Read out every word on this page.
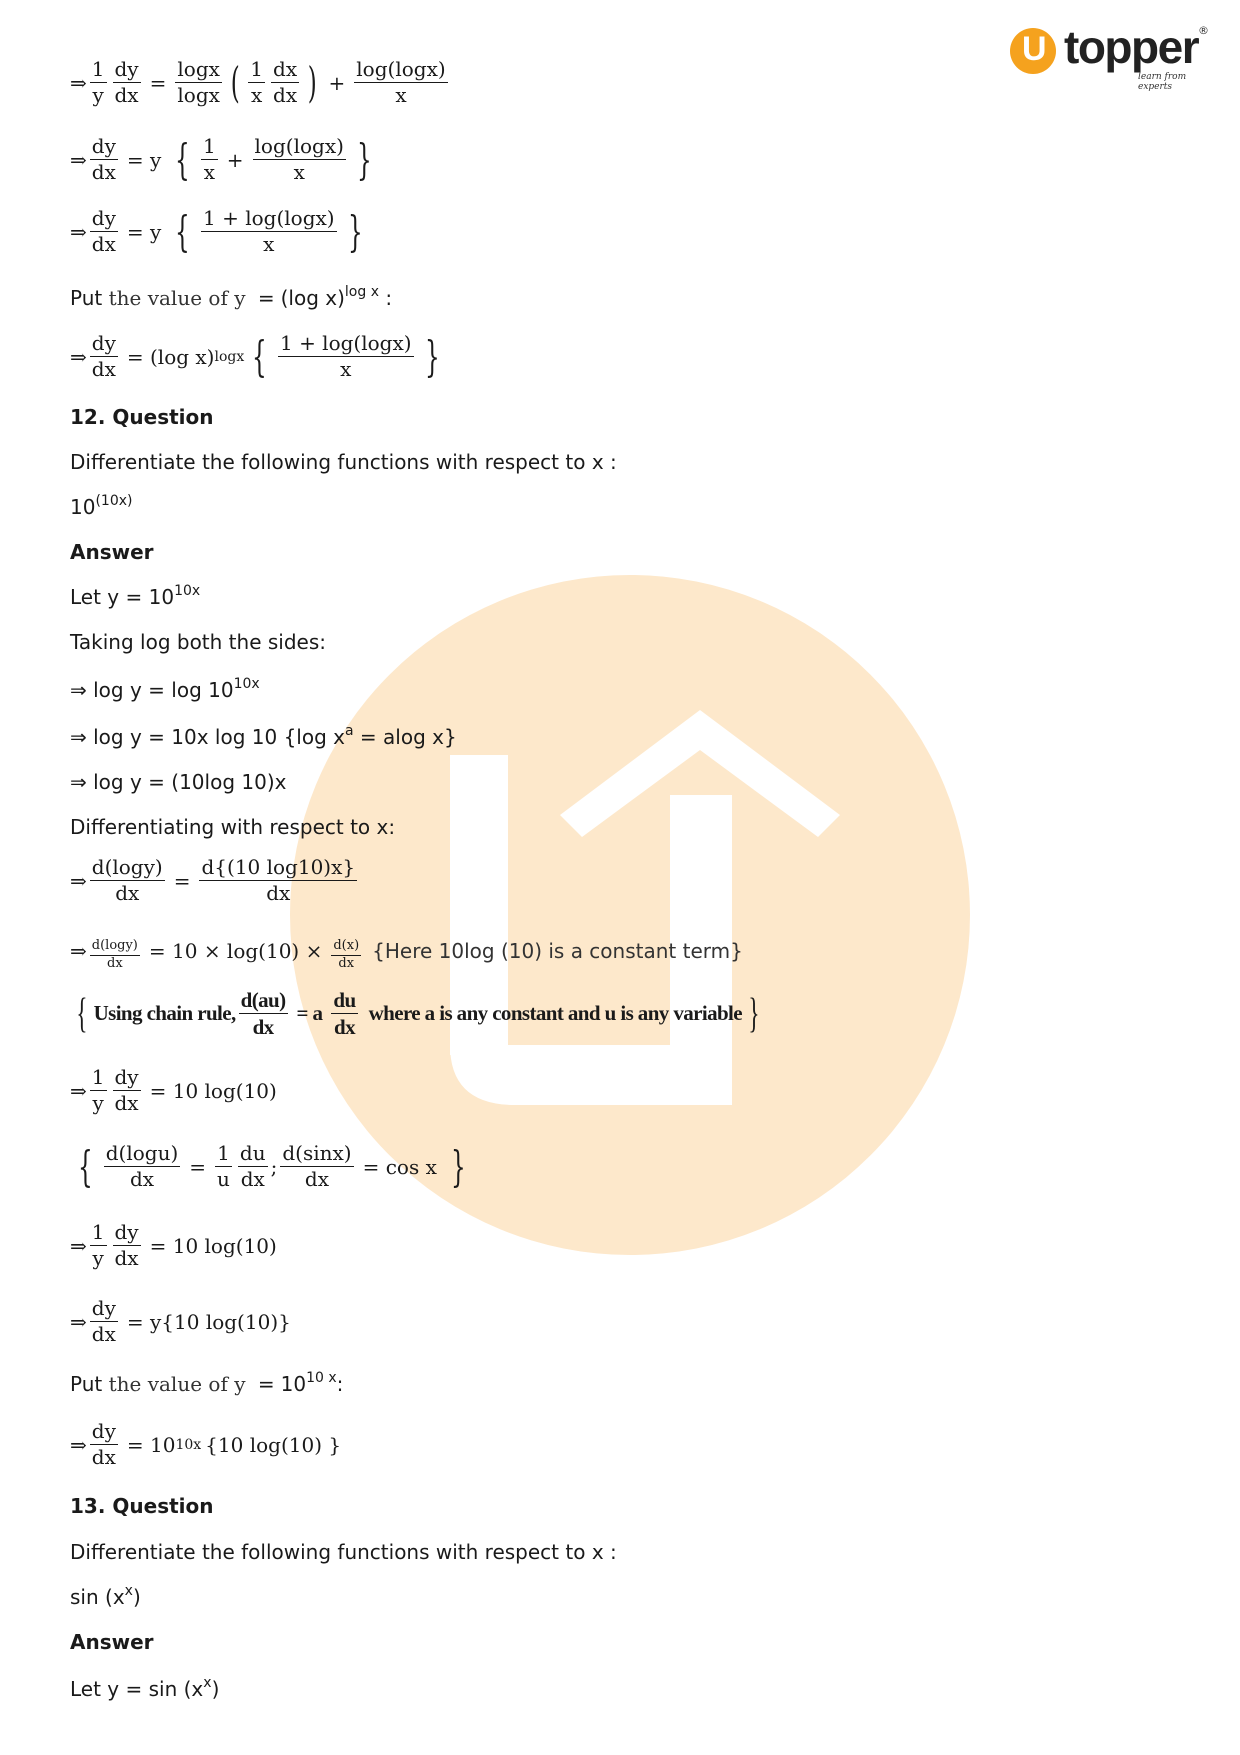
U topper ®
learn from experts
⇒
1
y $\frac{dy}{dx} = \frac{\log x}{\log x}$ ( 1
x
dx
dx ) + $\frac{\log(\log x)}{x}$
⇒ $\frac{dy}{dx} = y$ { 1
x
+ $\frac{\log(\log x)}{x}$ }
⇒ $\frac{dy}{dx} = y$ { 1 + log(logx)
x }
Put the value of y = (log x)$^{log x}$ :
⇒ $\frac{dy}{dx} = (\log$ x) logx { 1 + log(logx)
x }
12. Question
Differentiate the following functions with respect to x :
$10^{(10x)}$
Answer
Let $y = 10^{10x}$
Taking log both the sides:
⇒ $\log y = \log 10^{10x}$
⇒ log y = 10x log 10 {log $x^a = alog$ x}
⇒ log y = (10log 10)x
Differentiating with respect to x:
⇒ $\frac{d(\log y)}{dx} = \frac{d\{(10 \log 10)x\}}{dx}$
⇒ $\frac{d(\log y)}{dx} = 10 \times \log(10) \times \frac{d(x)}{dx}$ {Here 10log (10) is a constant term}
{ Using chain rule, $\frac{d(au)}{dx} = a$
du
dx
where a is any constant and u is any variable }
⇒
1
y $\frac{dy}{dx} = 10$ log(10)
{ $\frac{d(\log u)}{dx} = \frac{1}{u}$ du
dx
; $\frac{d(\sin x)}{dx} = \cos x$ }
⇒
1
y $\frac{dy}{dx} = 10$ log(10)
⇒ $\frac{dy}{dx} = y\{10$ log(10)}
Put the value of $y = 10^{10 x}$:
⇒ $\frac{dy}{dx} = 10$ 10x {10 log(10) }
13. Question
Differentiate the following functions with respect to x :
$\sin (x^x)$
Answer
Let $y = \sin (x^x)$
